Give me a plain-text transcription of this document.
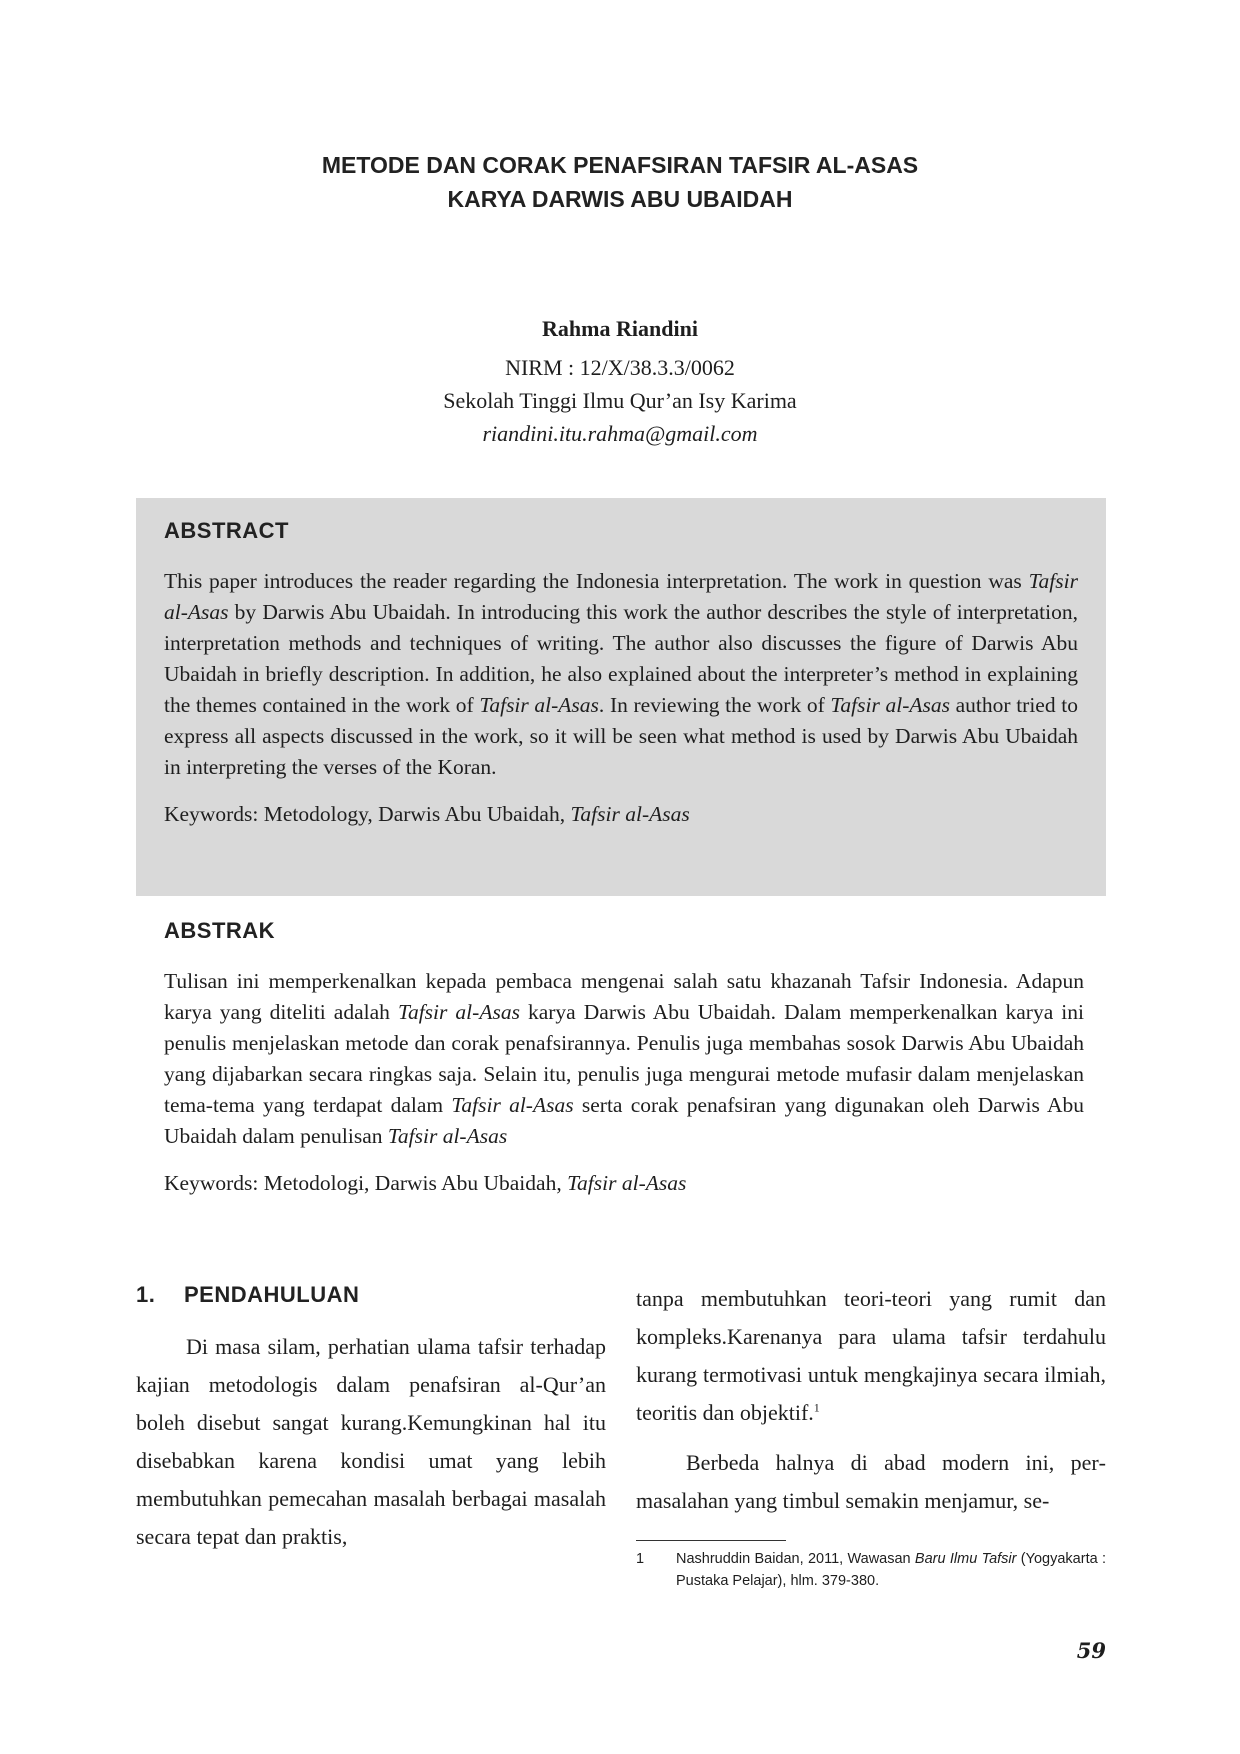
METODE DAN CORAK PENAFSIRAN TAFSIR AL-ASAS
KARYA DARWIS ABU UBAIDAH
Rahma Riandini
NIRM : 12/X/38.3.3/0062
Sekolah Tinggi Ilmu Qur’an Isy Karima
riandini.itu.rahma@gmail.com
ABSTRACT
This paper introduces the reader regarding the Indonesia interpretation. The work in question was Tafsir al-Asas by Darwis Abu Ubaidah. In introducing this work the author describes the style of interpretation, interpretation methods and techniques of writing. The author also discusses the figure of Darwis Abu Ubaidah in briefly description. In addition, he also explained about the interpreter’s method in explaining the themes contained in the work of Tafsir al-Asas. In reviewing the work of Tafsir al-Asas author tried to express all aspects discussed in the work, so it will be seen what method is used by Darwis Abu Ubaidah in interpreting the verses of the Koran.
Keywords: Metodology, Darwis Abu Ubaidah, Tafsir al-Asas
ABSTRAK
Tulisan ini memperkenalkan kepada pembaca mengenai salah satu khazanah Tafsir Indonesia. Adapun karya yang diteliti adalah Tafsir al-Asas karya Darwis Abu Ubaidah. Dalam memperkenalkan karya ini penulis menjelaskan metode dan corak penafsirannya. Penulis juga membahas sosok Darwis Abu Ubaidah yang dijabarkan secara ringkas saja. Selain itu, penulis juga mengurai metode mufasir dalam menjelaskan tema-tema yang terdapat dalam Tafsir al-Asas serta corak penafsiran yang digunakan oleh Darwis Abu Ubaidah dalam penulisan Tafsir al-Asas
Keywords: Metodologi, Darwis Abu Ubaidah, Tafsir al-Asas
1. PENDAHULUAN
Di masa silam, perhatian ulama tafsir terhadap kajian metodologis dalam penafsiran al-Qur’an boleh disebut sangat kurang.Kemungkinan hal itu disebabkan karena kondisi umat yang lebih membutuhkan pemecahan masalah berbagai masalah secara tepat dan praktis,
tanpa membutuhkan teori-teori yang rumit dan kompleks.Karenanya para ulama tafsir terdahulu kurang termotivasi untuk mengkajinya secara ilmiah, teoritis dan objektif.$^1$
Berbeda halnya di abad modern ini, permasalahan yang timbul semakin menjamur, se-
1	Nashruddin Baidan, 2011, Wawasan Baru Ilmu Tafsir (Yogyakarta : Pustaka Pelajar), hlm. 379-380.
59
